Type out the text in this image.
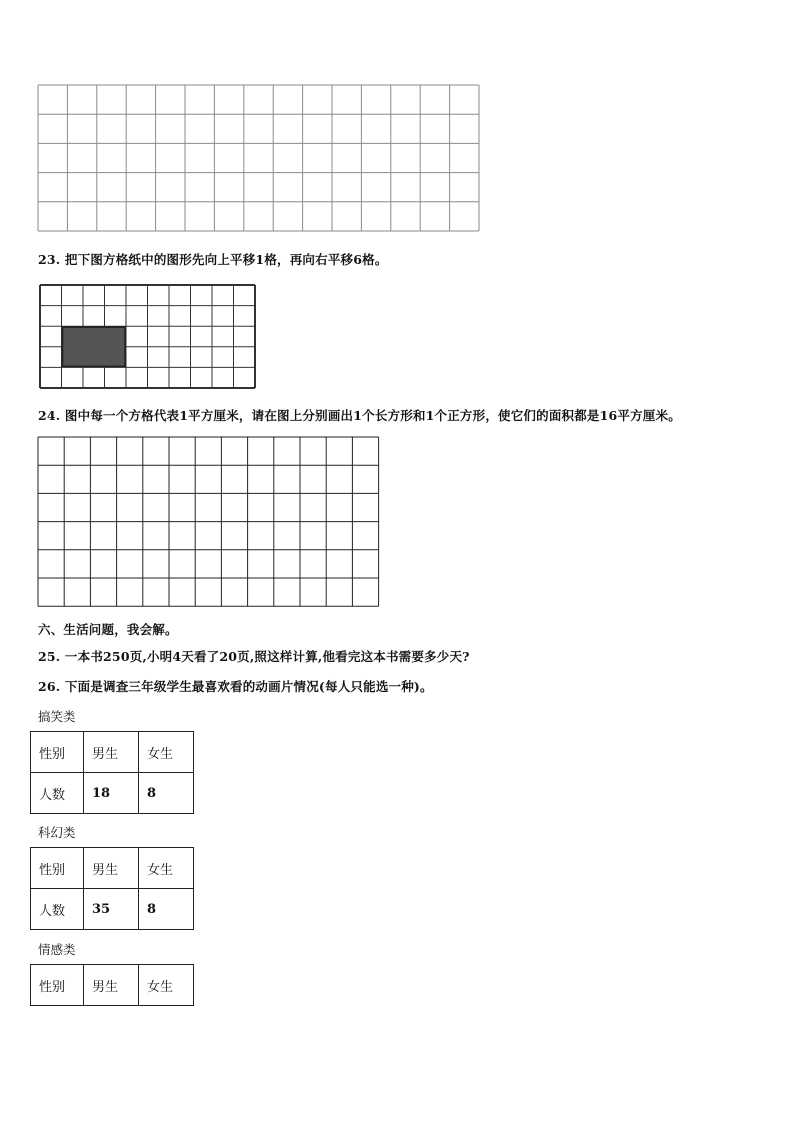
23. 把下图方格纸中的图形先向上平移1格，再向右平移6格。
24. 图中每一个方格代表1平方厘米，请在图上分别画出1个长方形和1个正方形，使它们的面积都是16平方厘米。
六、生活问题，我会解。
25. 一本书250页,小明4天看了20页,照这样计算,他看完这本书需要多少天?
26. 下面是调查三年级学生最喜欢看的动画片情况(每人只能选一种)。
搞笑类
性别	男生	女生
人数	18	8
科幻类
性别	男生	女生
人数	35	8
情感类
性别	男生	女生
